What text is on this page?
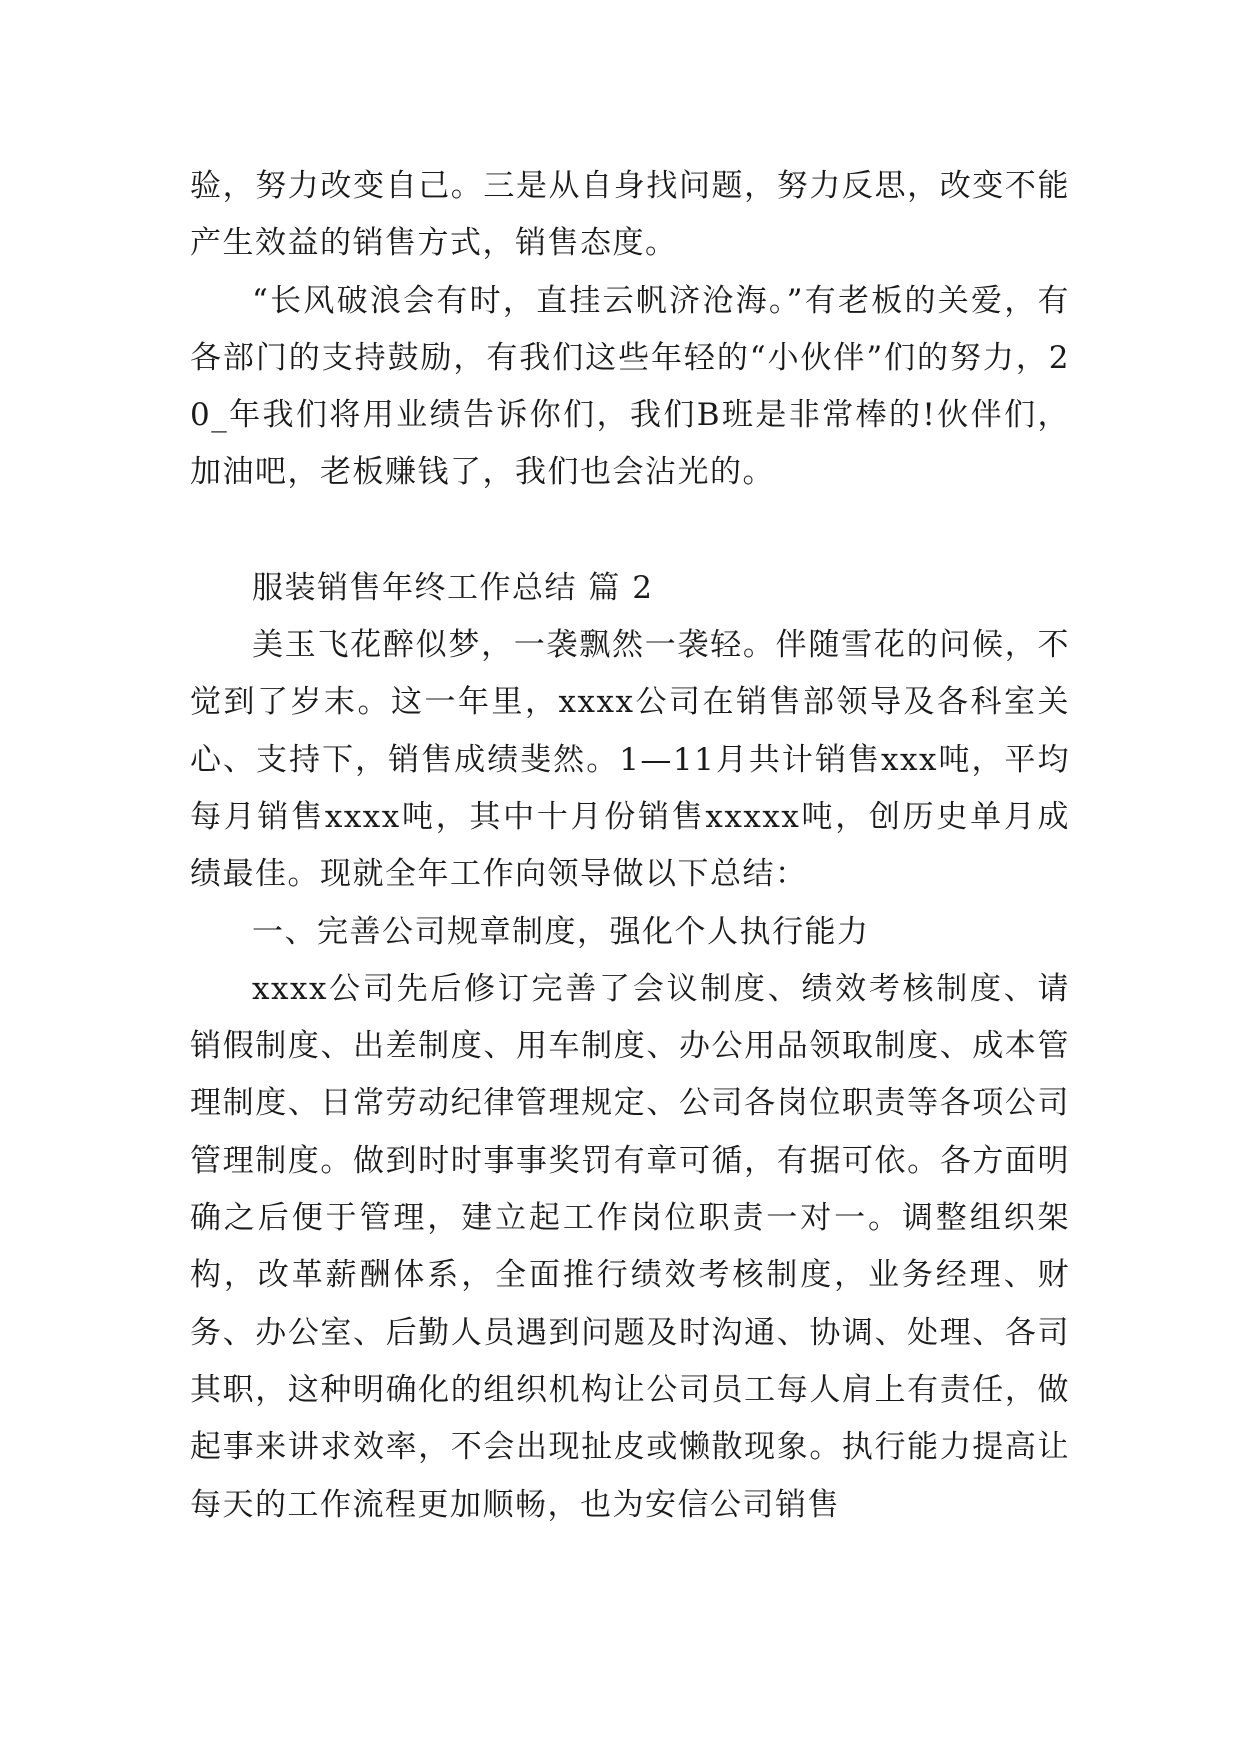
验，努力改变自己。三是从自身找问题，努力反思，改变不能产生效益的销售方式，销售态度。

“长风破浪会有时，直挂云帆济沧海。”有老板的关爱，有各部门的支持鼓励，有我们这些年轻的“小伙伴”们的努力，20_年我们将用业绩告诉你们，我们B班是非常棒的!伙伴们，加油吧，老板赚钱了，我们也会沾光的。

服装销售年终工作总结 篇 2

美玉飞花醉似梦，一袭飘然一袭轻。伴随雪花的问候，不觉到了岁末。这一年里，xxxx公司在销售部领导及各科室关心、支持下，销售成绩斐然。1—11月共计销售xxx吨，平均每月销售xxxx吨，其中十月份销售xxxxx吨，创历史单月成绩最佳。现就全年工作向领导做以下总结：

一、完善公司规章制度，强化个人执行能力

xxxx公司先后修订完善了会议制度、绩效考核制度、请销假制度、出差制度、用车制度、办公用品领取制度、成本管理制度、日常劳动纪律管理规定、公司各岗位职责等各项公司管理制度。做到时时事事奖罚有章可循，有据可依。各方面明确之后便于管理，建立起工作岗位职责一对一。调整组织架构，改革薪酬体系，全面推行绩效考核制度，业务经理、财务、办公室、后勤人员遇到问题及时沟通、协调、处理、各司其职，这种明确化的组织机构让公司员工每人肩上有责任，做起事来讲求效率，不会出现扯皮或懒散现象。执行能力提高让每天的工作流程更加顺畅，也为安信公司销售
